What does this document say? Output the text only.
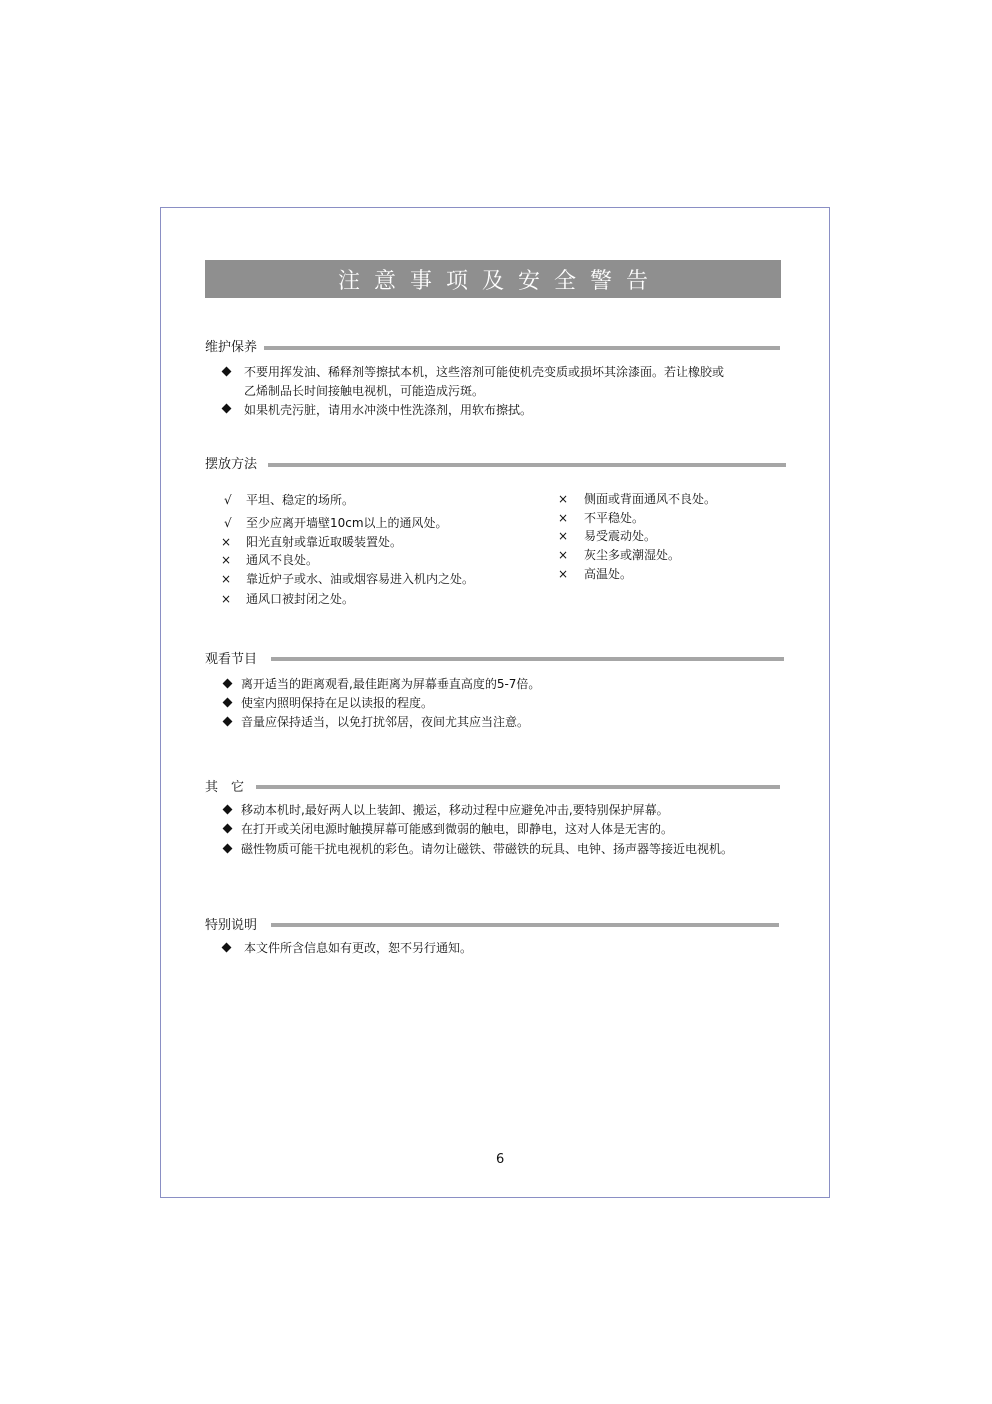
注意事项及安全警告
维护保养
不要用挥发油、稀释剂等擦拭本机，这些溶剂可能使机壳变质或损坏其涂漆面。若让橡胶或
乙烯制品长时间接触电视机，可能造成污斑。
如果机壳污脏，请用水冲淡中性洗涤剂，用软布擦拭。
摆放方法
√ 平坦、稳定的场所。
√ 至少应离开墙壁10cm以上的通风处。
× 阳光直射或靠近取暖装置处。
× 通风不良处。
× 靠近炉子或水、油或烟容易进入机内之处。
× 通风口被封闭之处。
× 侧面或背面通风不良处。
× 不平稳处。
× 易受震动处。
× 灰尘多或潮湿处。
× 高温处。
观看节目
离开适当的距离观看,最佳距离为屏幕垂直高度的5-7倍。
使室内照明保持在足以读报的程度。
音量应保持适当，以免打扰邻居，夜间尤其应当注意。
其　它
移动本机时,最好两人以上装卸、搬运，移动过程中应避免冲击,要特别保护屏幕。
在打开或关闭电源时触摸屏幕可能感到微弱的触电，即静电，这对人体是无害的。
磁性物质可能干扰电视机的彩色。请勿让磁铁、带磁铁的玩具、电钟、扬声器等接近电视机。
特别说明
本文件所含信息如有更改，恕不另行通知。
6
